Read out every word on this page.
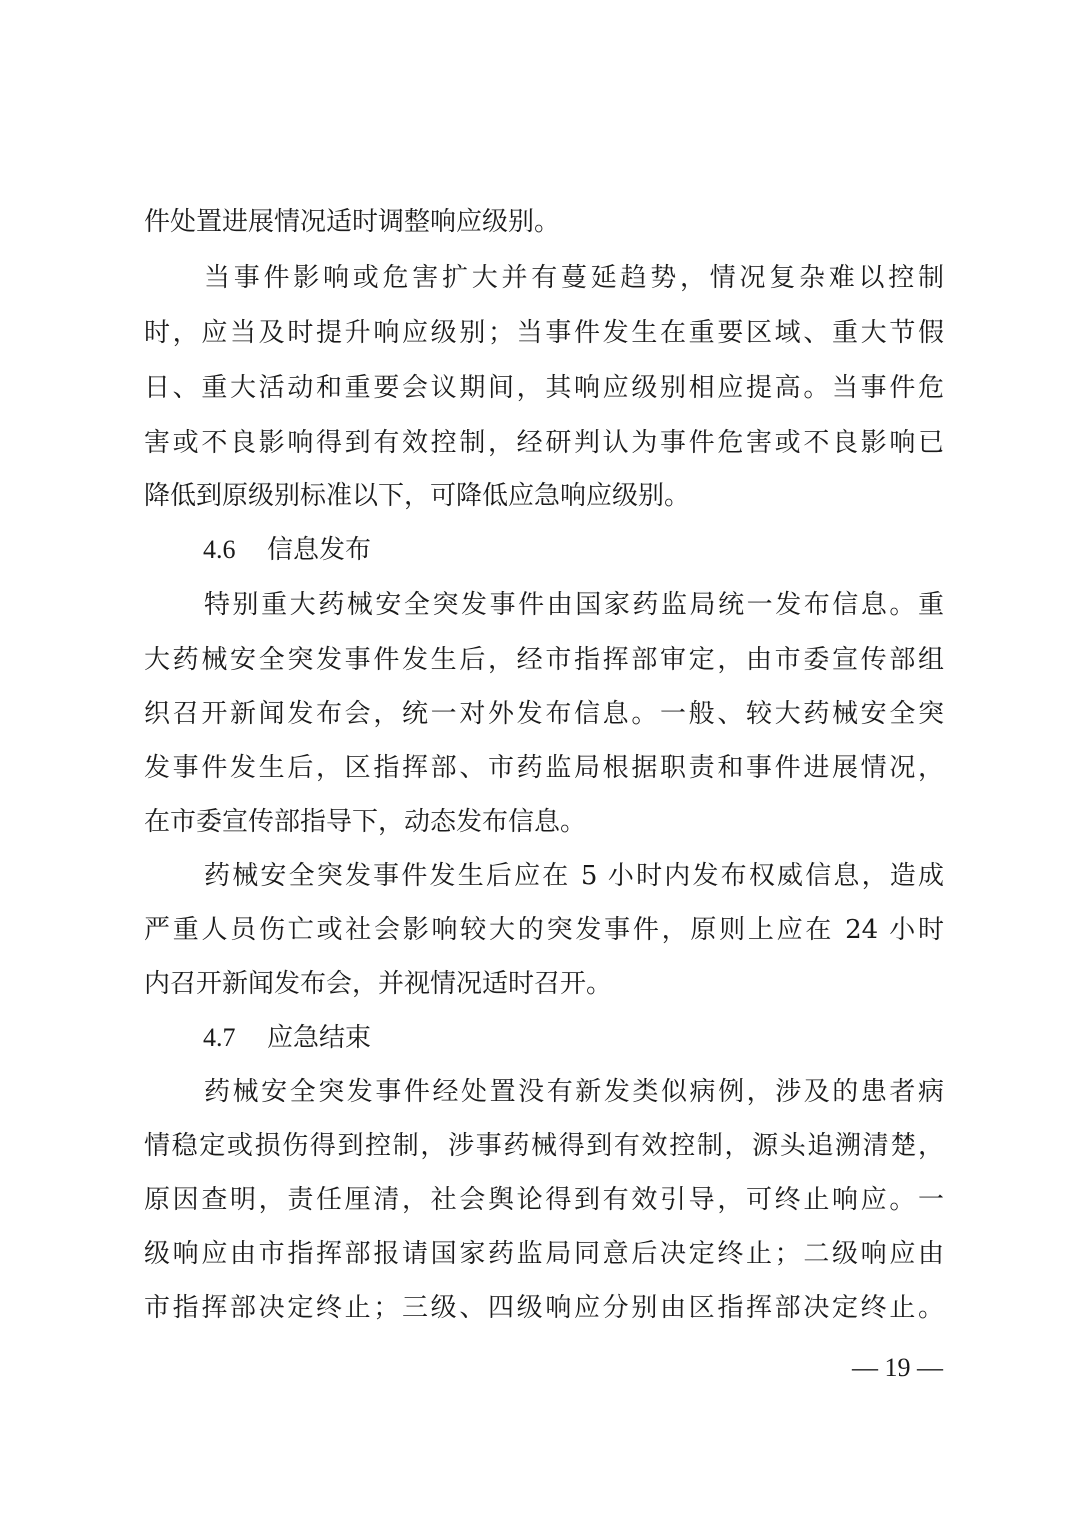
件处置进展情况适时调整响应级别。
当事件影响或危害扩大并有蔓延趋势，情况复杂难以控制
时，应当及时提升响应级别；当事件发生在重要区域、重大节假
日、重大活动和重要会议期间，其响应级别相应提高。当事件危
害或不良影响得到有效控制，经研判认为事件危害或不良影响已
降低到原级别标准以下，可降低应急响应级别。
4.6 信息发布
特别重大药械安全突发事件由国家药监局统一发布信息。重
大药械安全突发事件发生后，经市指挥部审定，由市委宣传部组
织召开新闻发布会，统一对外发布信息。一般、较大药械安全突
发事件发生后，区指挥部、市药监局根据职责和事件进展情况，
在市委宣传部指导下，动态发布信息。
药械安全突发事件发生后应在 5 小时内发布权威信息，造成
严重人员伤亡或社会影响较大的突发事件，原则上应在 24 小时
内召开新闻发布会，并视情况适时召开。
4.7 应急结束
药械安全突发事件经处置没有新发类似病例，涉及的患者病
情稳定或损伤得到控制，涉事药械得到有效控制，源头追溯清楚，
原因查明，责任厘清，社会舆论得到有效引导，可终止响应。一
级响应由市指挥部报请国家药监局同意后决定终止；二级响应由
市指挥部决定终止；三级、四级响应分别由区指挥部决定终止。
— 19 —
